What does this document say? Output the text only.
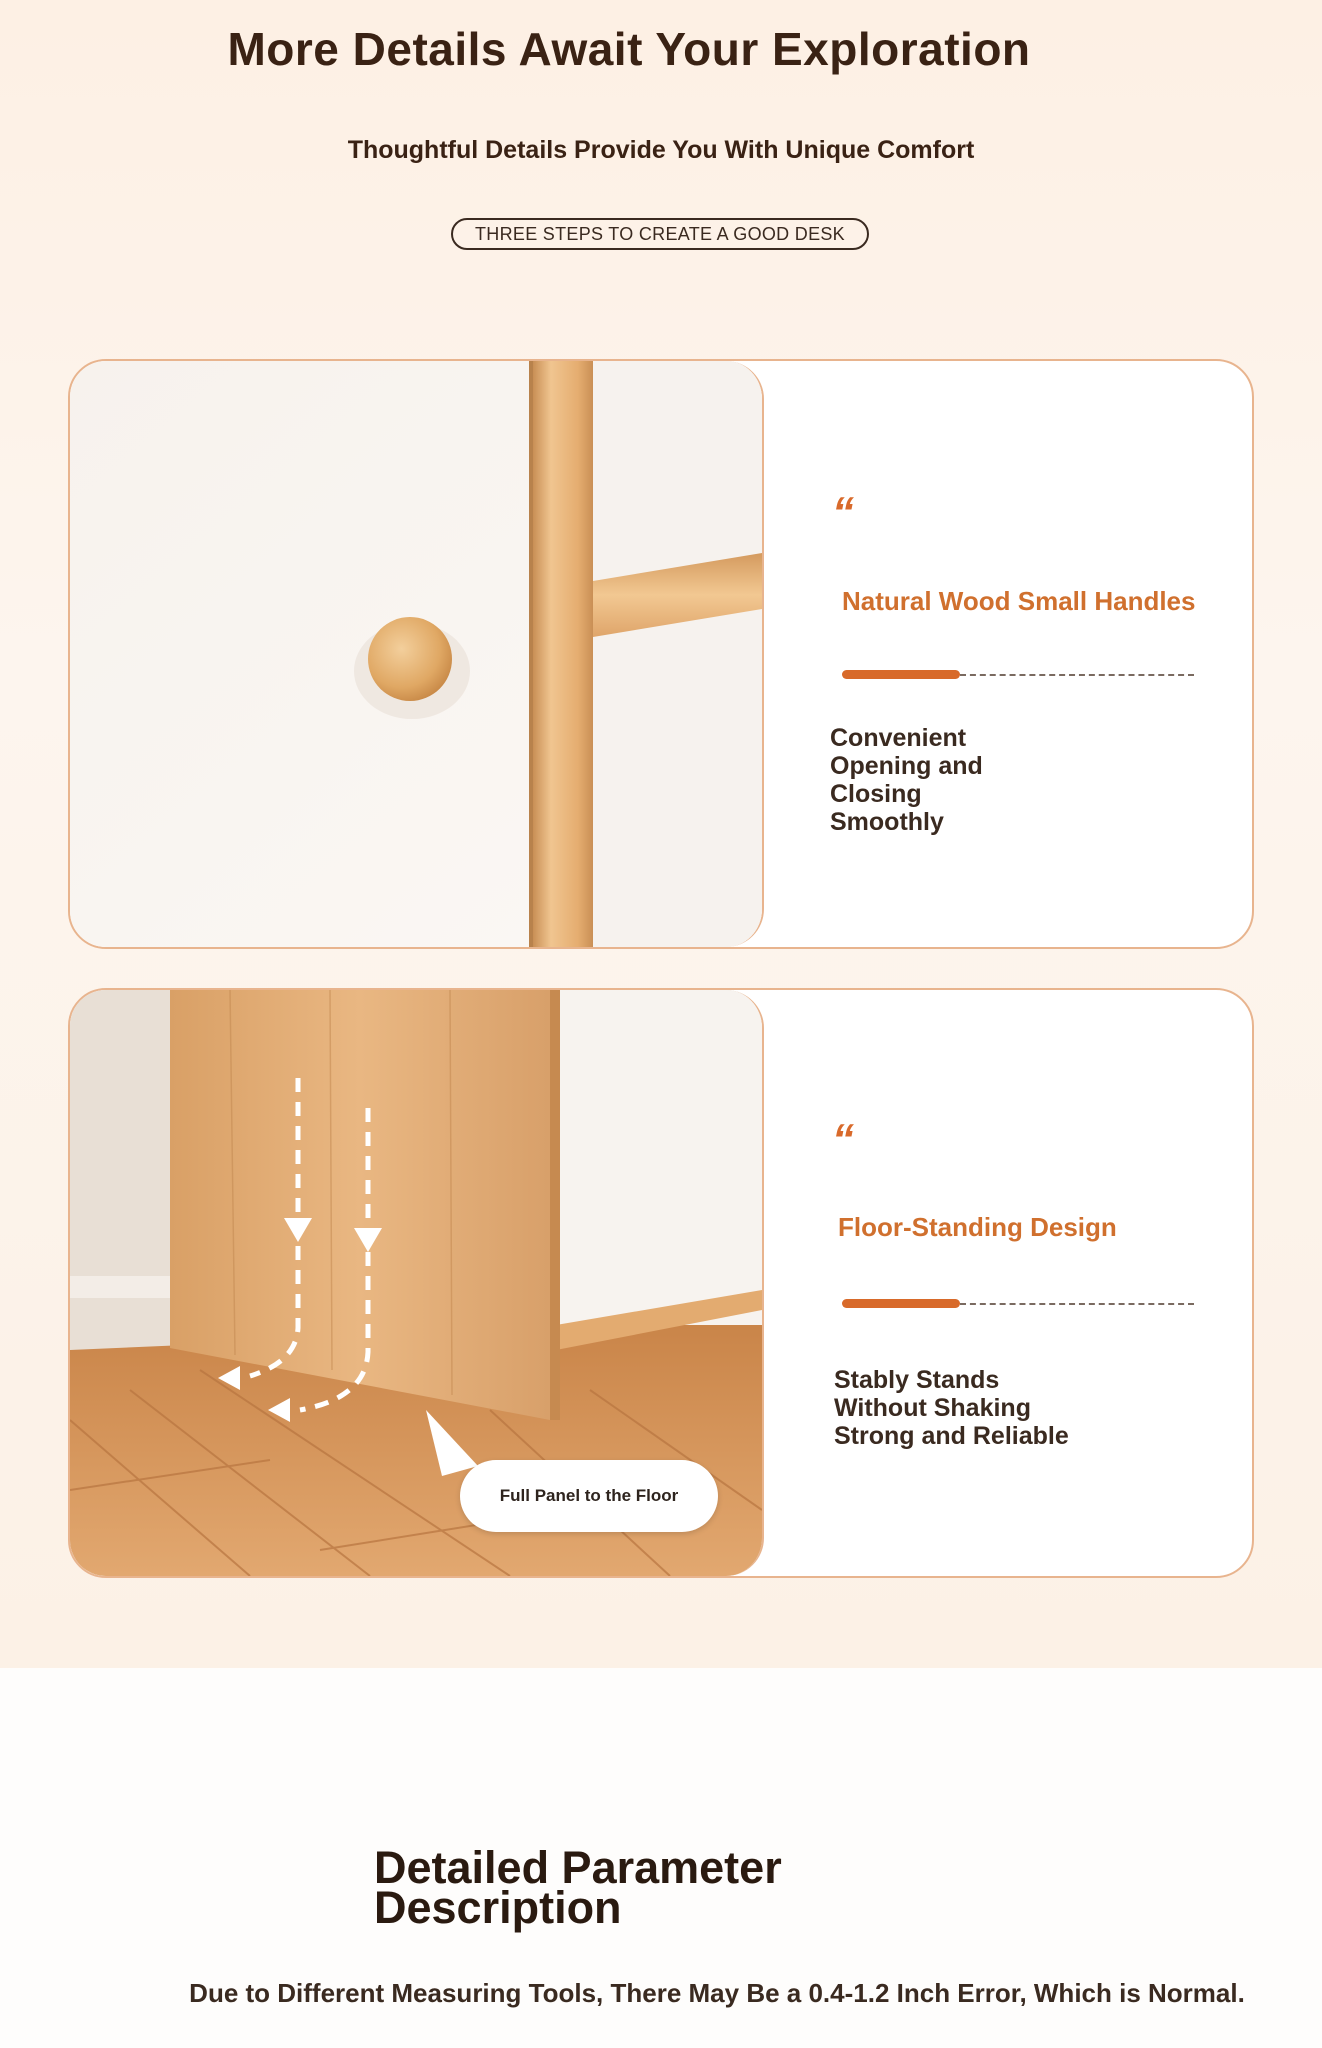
More Details Await Your Exploration
Thoughtful Details Provide You With Unique Comfort
THREE STEPS TO CREATE A GOOD DESK
“
Natural Wood Small Handles
Convenient
Opening and
Closing
Smoothly
Full Panel to the Floor
“
Floor-Standing Design
Stably Stands
Without Shaking
Strong and Reliable
Detailed Parameter
Description
Due to Different Measuring Tools, There May Be a 0.4-1.2 Inch Error, Which is Normal.
